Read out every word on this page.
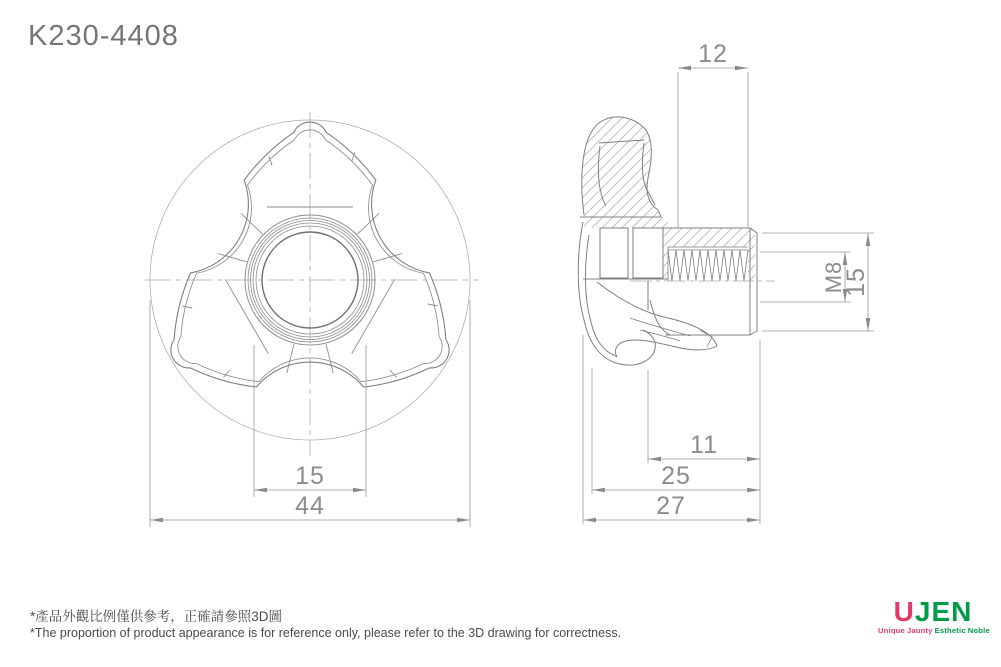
K230-4408
15
44
12
M8
15
11
25
27
*產品外觀比例僅供參考，正確請參照3D圖
*The proportion of product appearance is for reference only, please refer to the 3D drawing for correctness.
UJEN
Unique Jaunty Esthetic Noble
